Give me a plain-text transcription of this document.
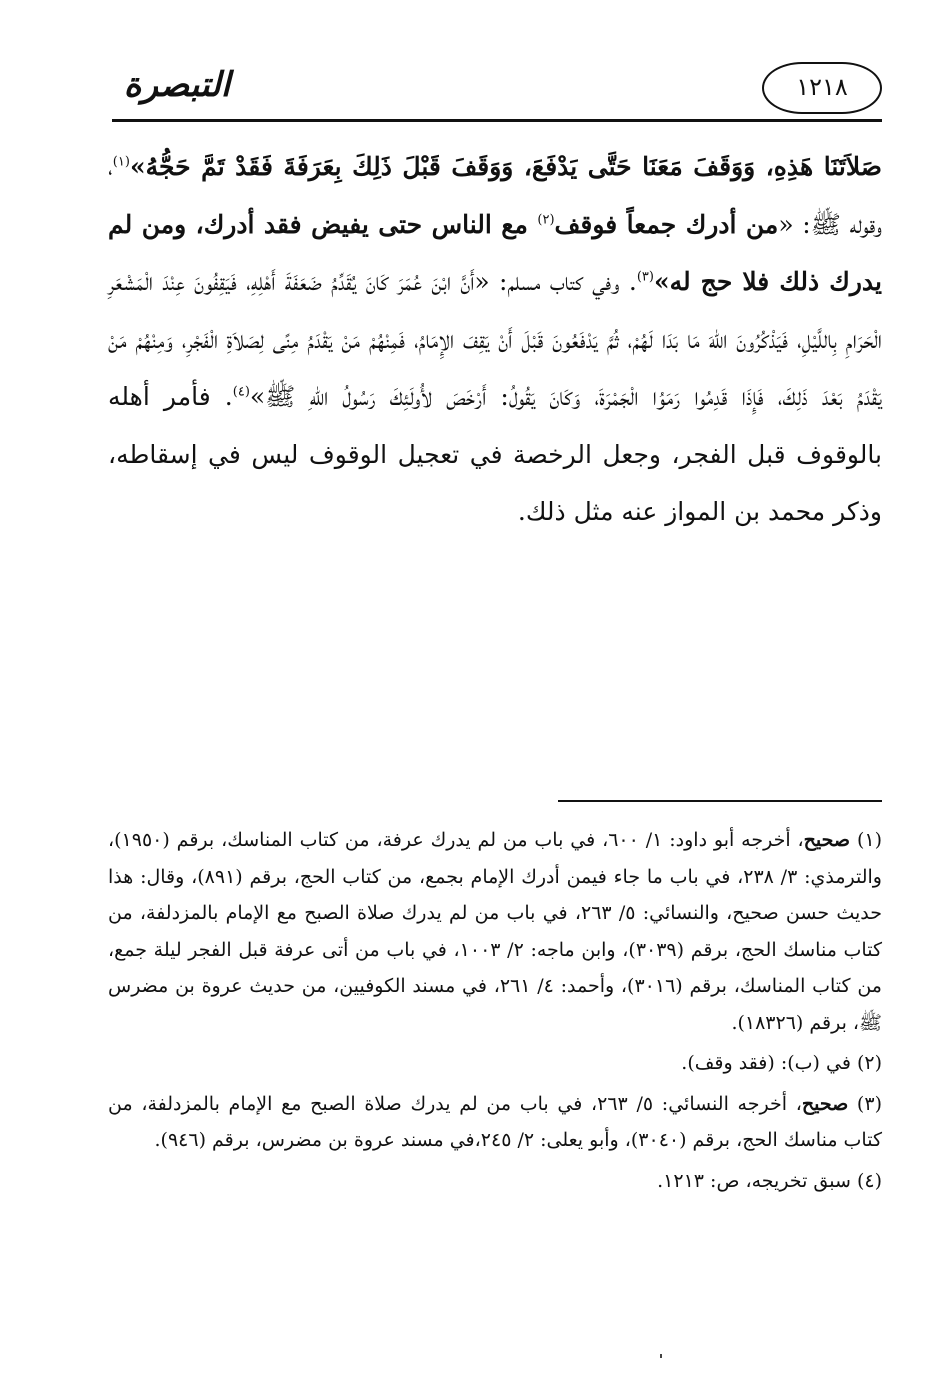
التبصرة	١٢١٨

صَلاَتَنَا هَذِهِ، وَوَقَفَ مَعَنَا حَتَّى يَدْفَعَ، وَوَقَفَ قَبْلَ ذَلِكَ بِعَرَفَةَ فَقَدْ تَمَّ حَجُّهُ»$^{(١)}$، وقوله ﷺ: «من أدرك جمعاً فوقف$^{(٢)}$ مع الناس حتى يفيض فقد أدرك، ومن لم يدرك ذلك فلا حج له»$^{(٣)}$. وفي كتاب مسلم: «أَنَّ ابْنَ عُمَرَ كَانَ يُقَدِّمُ ضَعَفَةَ أَهْلِهِ، فَيَقِفُونَ عِنْدَ الْمَشْعَرِ الْحَرَامِ بِاللَّيْلِ، فَيَذْكُرُونَ اللهَ مَا بَدَا لَهُمْ، ثُمَّ يَدْفَعُونَ قَبْلَ أَنْ يَقِفَ الإِمَامُ، فَمِنْهُمْ مَنْ يَقْدَمُ مِنًى لِصَلاَةِ الْفَجْرِ، وَمِنْهُمْ مَنْ يَقْدَمُ بَعْدَ ذَلِكَ، فَإِذَا قَدِمُوا رَمَوُا الْجَمْرَةَ، وَكَانَ يَقُولُ: أَرْخَصَ لأُولَئِكَ رَسُولُ اللهِ ﷺ»$^{(٤)}$. فأمر أهله بالوقوف قبل الفجر، وجعل الرخصة في تعجيل الوقوف ليس في إسقاطه، وذكر محمد بن المواز عنه مثل ذلك.

(١) صحيح، أخرجه أبو داود: ١/ ٦٠٠، في باب من لم يدرك عرفة، من كتاب المناسك، برقم (١٩٥٠)، والترمذي: ٣/ ٢٣٨، في باب ما جاء فيمن أدرك الإمام بجمع، من كتاب الحج، برقم (٨٩١)، وقال: هذا حديث حسن صحيح، والنسائي: ٥/ ٢٦٣، في باب من لم يدرك صلاة الصبح مع الإمام بالمزدلفة، من كتاب مناسك الحج، برقم (٣٠٣٩)، وابن ماجه: ٢/ ١٠٠٣، في باب من أتى عرفة قبل الفجر ليلة جمع، من كتاب المناسك، برقم (٣٠١٦)، وأحمد: ٤/ ٢٦١، في مسند الكوفيين، من حديث عروة بن مضرس ﷺ، برقم (١٨٣٢٦).

(٢) في (ب): (فقد وقف).

(٣) صحيح، أخرجه النسائي: ٥/ ٢٦٣، في باب من لم يدرك صلاة الصبح مع الإمام بالمزدلفة، من كتاب مناسك الحج، برقم (٣٠٤٠)، وأبو يعلى: ٢/ ٢٤٥،في مسند عروة بن مضرس، برقم (٩٤٦).

(٤) سبق تخريجه، ص: ١٢١٣.
